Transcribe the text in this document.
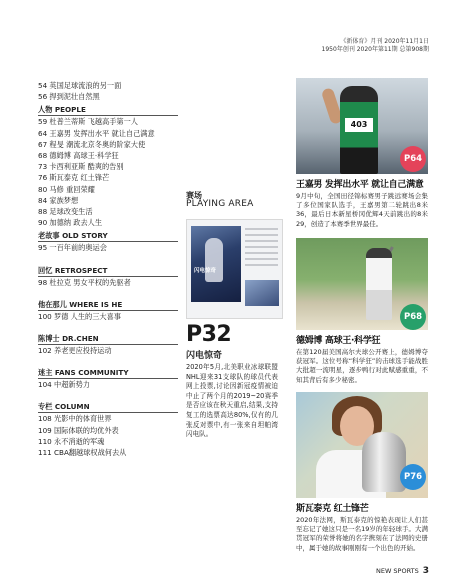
《新体育》月刊 2020年11月1日
1950年创刊 2020年第11期 总第908期
54 英国足球流浪的另一面
56 捍到泥壮自然黑
人物 PEOPLE
59 杜普兰蒂斯 飞越高手第一人
64 王嘉男 发挥出水平 就让自己满意
67 程旻 潮流北京冬奥的阶家大使
68 德姆博 高球王·科学狂
73 卡西利亚斯 酷爽的告别
76 斯瓦泰克 红土锋芒
80 马修 重回荣耀
84 家族梦想
88 足球改变生活
90 加德纳 政去人生
老故事 OLD STORY
95 一百年前的奥运会
回忆 RETROSPECT
98 杜拉克 男女平权的先驱者
他在那儿 WHERE IS HE
100 罗德 人生的三大喜事
陈博士 DR.CHEN
102 养老更应投持运动
迷主 FANS COMMUNITY
104 中超新势力
专栏 COLUMN
108 光影中的体育世界
109 国际体联的均优外表
110 永不消逝的军魂
111 CBA翻越球权战何去从
赛场
PLAYING AREA
闪电惊奇
P32
闪电惊奇
2020年5月,北美职业冰球联盟NHL迎来31支球队的球员代表网上投票,讨论因新冠疫情被迫中止了两个月的2019~20赛季是否应该在秋天重启,结果,支持复工的选票高达80%,仅有的几张反对票中,有一张来自坦帕湾闪电队。
403
P64
王嘉男 发挥出水平 就让自己满意
9月中旬，全国田径锦标赛男子跳远赛场会集了多位国家队选手，王嘉男第二轮跳出8米36，最后日本新星桥冈优辉4天前跳出的8米29，创造了本赛季世界最佳。
P68
德姆博 高球王·科学狂
在第120届美国高尔夫球公开赛上，德姆博夺获冠军。这位号称“科学狂”的击球选手能战胜大批超一流明星，逐步鸭行对此赋感重重，不知其背后有多少秘密。
P76
斯瓦泰克 红土锋芒
2020年法网，斯瓦泰克的惊艳表现让人们甚至忘记了她这只是一名19岁的年轻球手。大满贯冠军的荣誉将她的名字携刻在了法网的史册中，属于她的故事刚刚有一个出色的开始。
NEW SPORTS 3
